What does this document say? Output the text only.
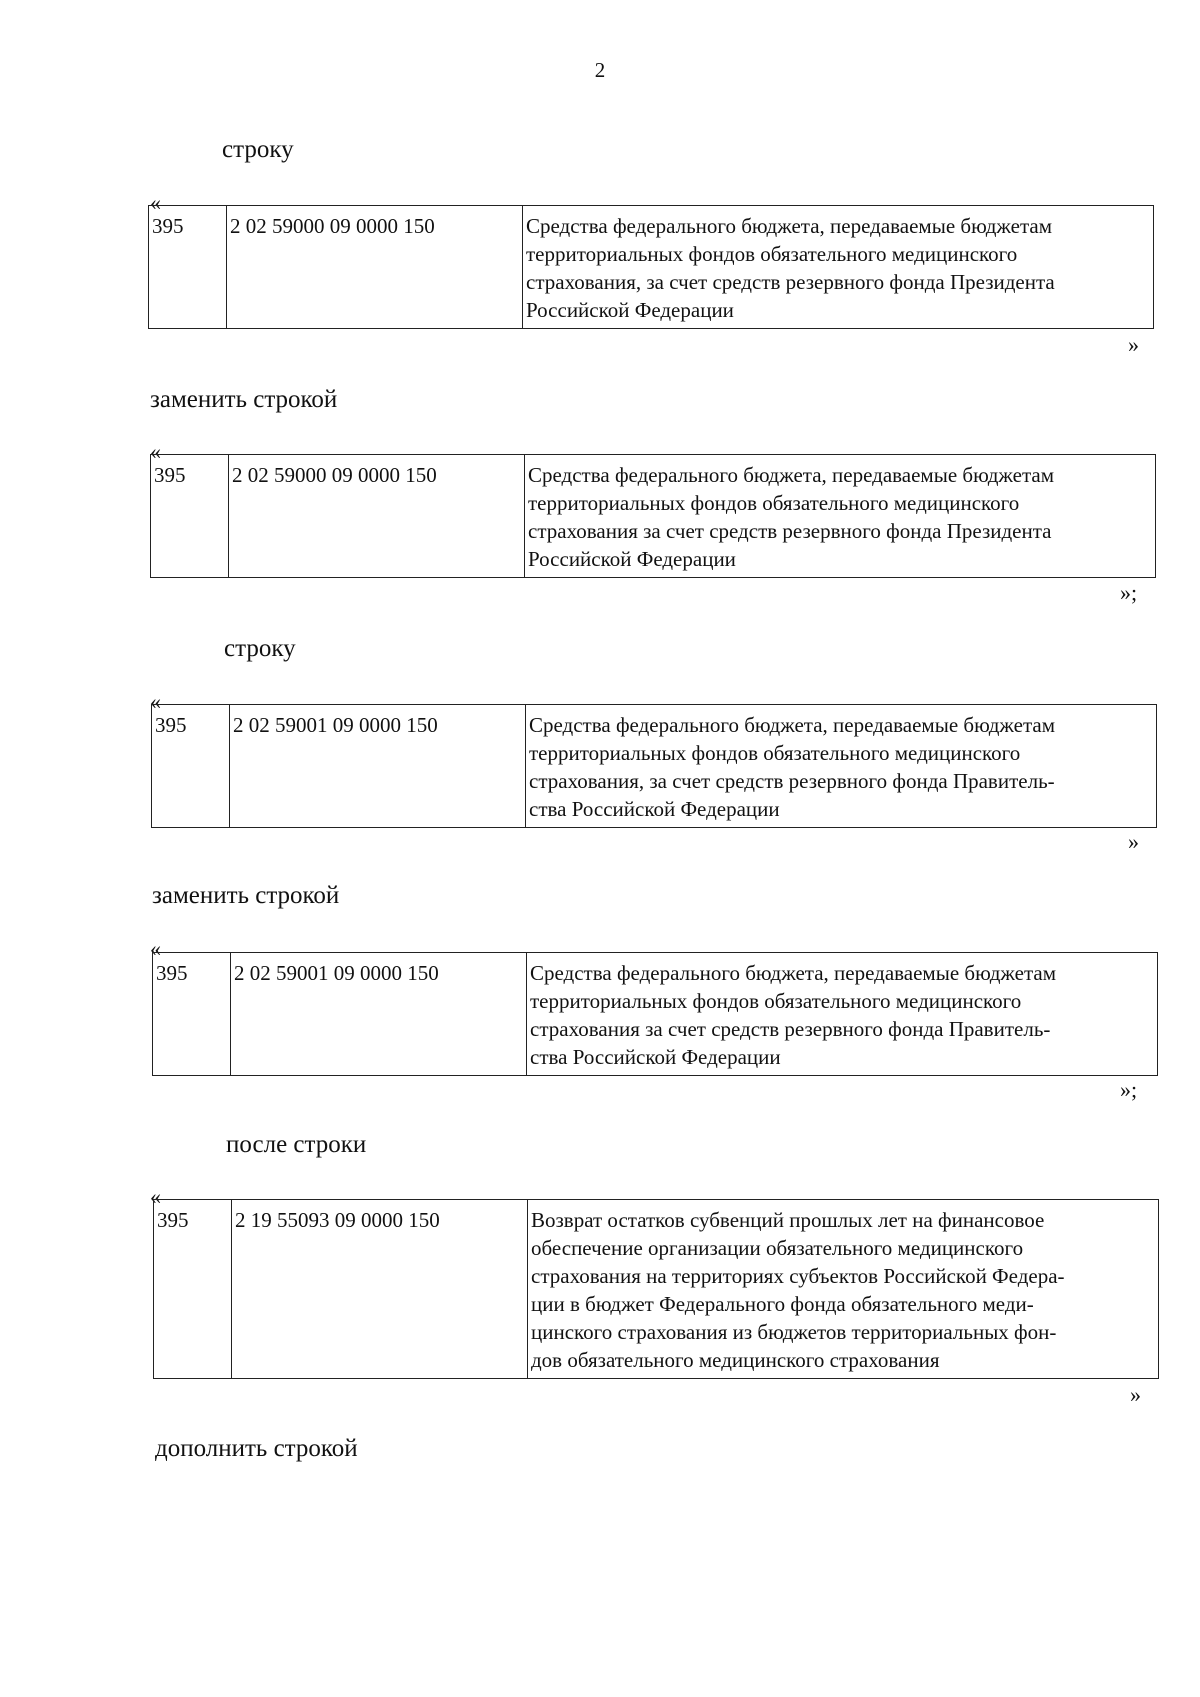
2
строку
«
395	2 02 59000 09 0000 150	Средства федерального бюджета, передаваемые бюджетам
территориальных фондов обязательного медицинского
страхования, за счет средств резервного фонда Президента
Российской Федерации
»
заменить строкой
«
395	2 02 59000 09 0000 150	Средства федерального бюджета, передаваемые бюджетам
территориальных фондов обязательного медицинского
страхования за счет средств резервного фонда Президента
Российской Федерации
»;
строку
«
395	2 02 59001 09 0000 150	Средства федерального бюджета, передаваемые бюджетам
территориальных фондов обязательного медицинского
страхования, за счет средств резервного фонда Правитель-
ства Российской Федерации
»
заменить строкой
«
395	2 02 59001 09 0000 150	Средства федерального бюджета, передаваемые бюджетам
территориальных фондов обязательного медицинского
страхования за счет средств резервного фонда Правитель-
ства Российской Федерации
»;
после строки
«
395	2 19 55093 09 0000 150	Возврат остатков субвенций прошлых лет на финансовое
обеспечение организации обязательного медицинского
страхования на территориях субъектов Российской Федера-
ции в бюджет Федерального фонда обязательного меди-
цинского страхования из бюджетов территориальных фон-
дов обязательного медицинского страхования
»
дополнить строкой
